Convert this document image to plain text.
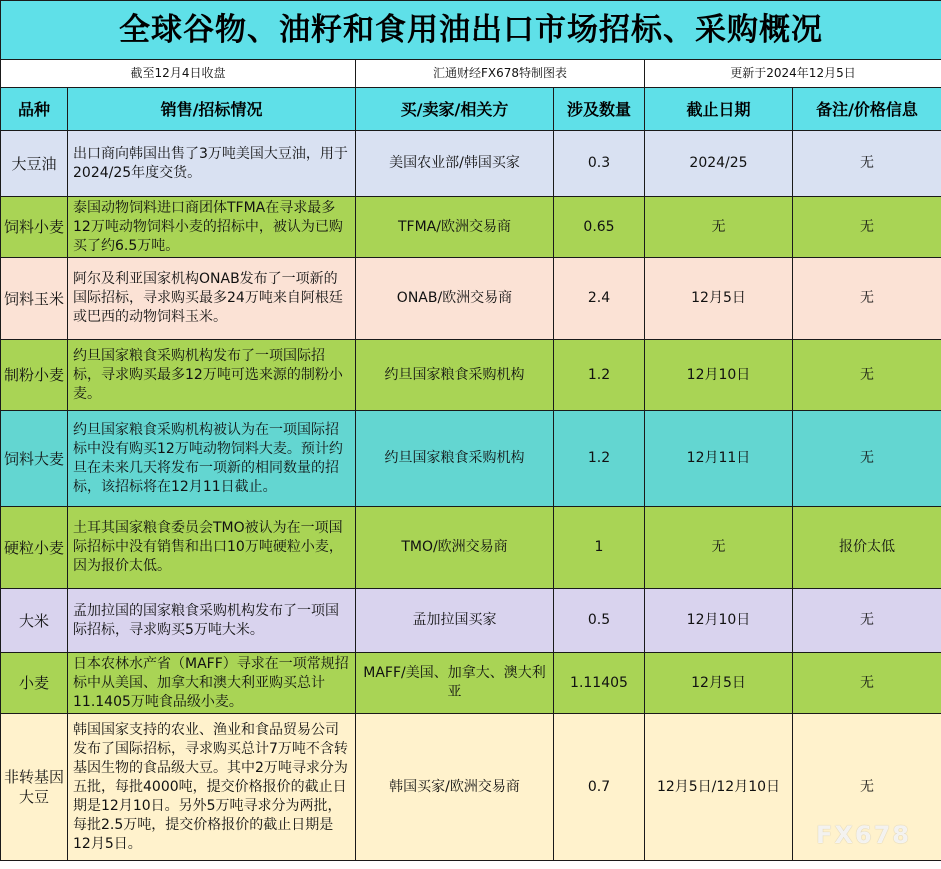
全球谷物、油籽和食用油出口市场招标、采购概况					
截至12月4日收盘		汇通财经FX678特制图表		更新于2024年12月5日	
品种	销售/招标情况	买/卖家/相关方	涉及数量	截止日期	备注/价格信息
大豆油	出口商向韩国出售了3万吨美国大豆油，用于2024/25年度交货。	美国农业部/韩国买家	0.3	2024/25	无
饲料小麦	泰国动物饲料进口商团体TFMA在寻求最多12万吨动物饲料小麦的招标中，被认为已购买了约6.5万吨。	TFMA/欧洲交易商	0.65	无	无
饲料玉米	阿尔及利亚国家机构ONAB发布了一项新的国际招标，寻求购买最多24万吨来自阿根廷或巴西的动物饲料玉米。	ONAB/欧洲交易商	2.4	12月5日	无
制粉小麦	约旦国家粮食采购机构发布了一项国际招标，寻求购买最多12万吨可选来源的制粉小麦。	约旦国家粮食采购机构	1.2	12月10日	无
饲料大麦	约旦国家粮食采购机构被认为在一项国际招标中没有购买12万吨动物饲料大麦。预计约旦在未来几天将发布一项新的相同数量的招标，该招标将在12月11日截止。	约旦国家粮食采购机构	1.2	12月11日	无
硬粒小麦	土耳其国家粮食委员会TMO被认为在一项国际招标中没有销售和出口10万吨硬粒小麦，因为报价太低。	TMO/欧洲交易商	1	无	报价太低
大米	孟加拉国的国家粮食采购机构发布了一项国际招标，寻求购买5万吨大米。	孟加拉国买家	0.5	12月10日	无
小麦	日本农林水产省（MAFF）寻求在一项常规招标中从美国、加拿大和澳大利亚购买总计11.1405万吨食品级小麦。	MAFF/美国、加拿大、澳大利亚	1.11405	12月5日	无
非转基因大豆	韩国国家支持的农业、渔业和食品贸易公司发布了国际招标，寻求购买总计7万吨不含转基因生物的食品级大豆。其中2万吨寻求分为五批，每批4000吨，提交价格报价的截止日期是12月10日。另外5万吨寻求分为两批，每批2.5万吨，提交价格报价的截止日期是12月5日。	韩国买家/欧洲交易商	0.7	12月5日/12月10日	无
FX678
